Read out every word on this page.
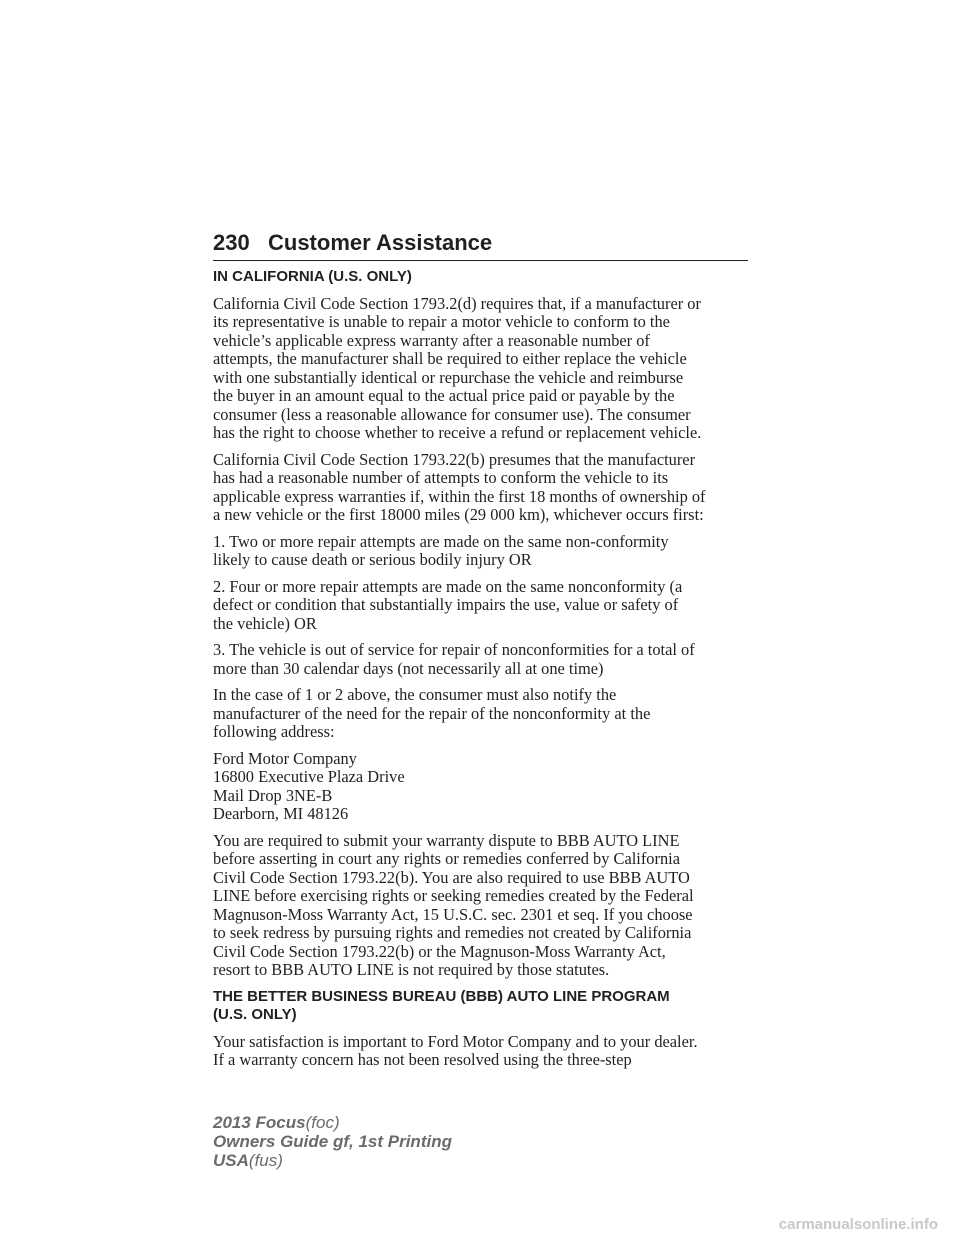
230 Customer Assistance
IN CALIFORNIA (U.S. ONLY)

California Civil Code Section 1793.2(d) requires that, if a manufacturer or
its representative is unable to repair a motor vehicle to conform to the
vehicle’s applicable express warranty after a reasonable number of
attempts, the manufacturer shall be required to either replace the vehicle
with one substantially identical or repurchase the vehicle and reimburse
the buyer in an amount equal to the actual price paid or payable by the
consumer (less a reasonable allowance for consumer use). The consumer
has the right to choose whether to receive a refund or replacement vehicle.

California Civil Code Section 1793.22(b) presumes that the manufacturer
has had a reasonable number of attempts to conform the vehicle to its
applicable express warranties if, within the first 18 months of ownership of
a new vehicle or the first 18000 miles (29 000 km), whichever occurs first:

1. Two or more repair attempts are made on the same non-conformity
likely to cause death or serious bodily injury OR

2. Four or more repair attempts are made on the same nonconformity (a
defect or condition that substantially impairs the use, value or safety of
the vehicle) OR

3. The vehicle is out of service for repair of nonconformities for a total of
more than 30 calendar days (not necessarily all at one time)

In the case of 1 or 2 above, the consumer must also notify the
manufacturer of the need for the repair of the nonconformity at the
following address:

Ford Motor Company
16800 Executive Plaza Drive
Mail Drop 3NE-B
Dearborn, MI 48126

You are required to submit your warranty dispute to BBB AUTO LINE
before asserting in court any rights or remedies conferred by California
Civil Code Section 1793.22(b). You are also required to use BBB AUTO
LINE before exercising rights or seeking remedies created by the Federal
Magnuson-Moss Warranty Act, 15 U.S.C. sec. 2301 et seq. If you choose
to seek redress by pursuing rights and remedies not created by California
Civil Code Section 1793.22(b) or the Magnuson-Moss Warranty Act,
resort to BBB AUTO LINE is not required by those statutes.

THE BETTER BUSINESS BUREAU (BBB) AUTO LINE PROGRAM
(U.S. ONLY)

Your satisfaction is important to Ford Motor Company and to your dealer.
If a warranty concern has not been resolved using the three-step

2013 Focus(foc)
Owners Guide gf, 1st Printing
USA(fus)
carmanualsonline.info
